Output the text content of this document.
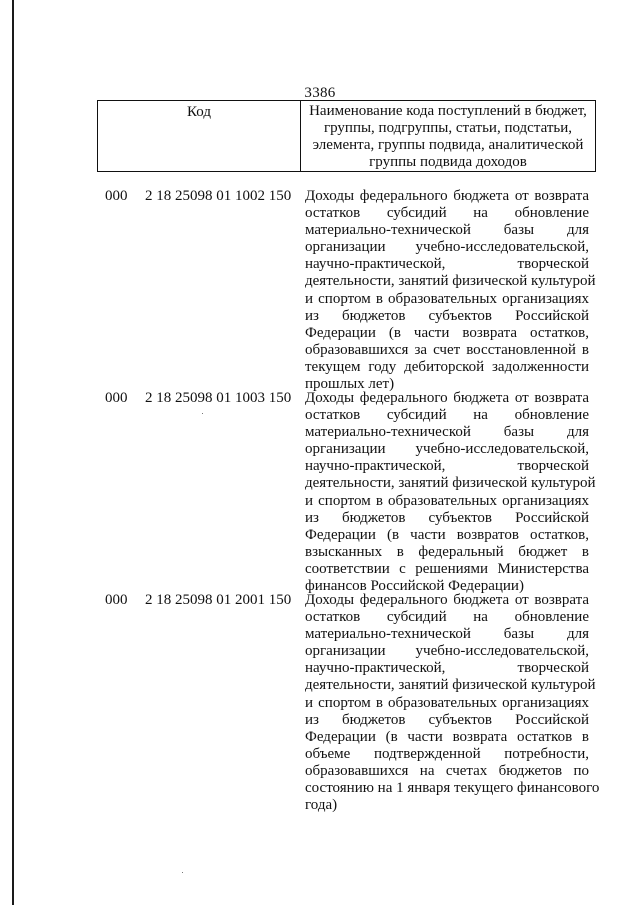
3386
Код	Наименование кода поступлений в бюджет,
группы, подгруппы, статьи, подстатьи,
элемента, группы подвида, аналитической
группы подвида доходов
000 2 18 25098 01 1002 150 Доходы федерального бюджета от возврата
остатков субсидий на обновление
материально-технической базы для
организации учебно-исследовательской,
научно-практической, творческой
деятельности, занятий физической культурой
и спортом в образовательных организациях
из бюджетов субъектов Российской
Федерации (в части возврата остатков,
образовавшихся за счет восстановленной в
текущем году дебиторской задолженности
прошлых лет)
000 2 18 25098 01 1003 150 Доходы федерального бюджета от возврата
остатков субсидий на обновление
материально-технической базы для
организации учебно-исследовательской,
научно-практической, творческой
деятельности, занятий физической культурой
и спортом в образовательных организациях
из бюджетов субъектов Российской
Федерации (в части возвратов остатков,
взысканных в федеральный бюджет в
соответствии с решениями Министерства
финансов Российской Федерации)
000 2 18 25098 01 2001 150 Доходы федерального бюджета от возврата
остатков субсидий на обновление
материально-технической базы для
организации учебно-исследовательской,
научно-практической, творческой
деятельности, занятий физической культурой
и спортом в образовательных организациях
из бюджетов субъектов Российской
Федерации (в части возврата остатков в
объеме подтвержденной потребности,
образовавшихся на счетах бюджетов по
состоянию на 1 января текущего финансового
года)
